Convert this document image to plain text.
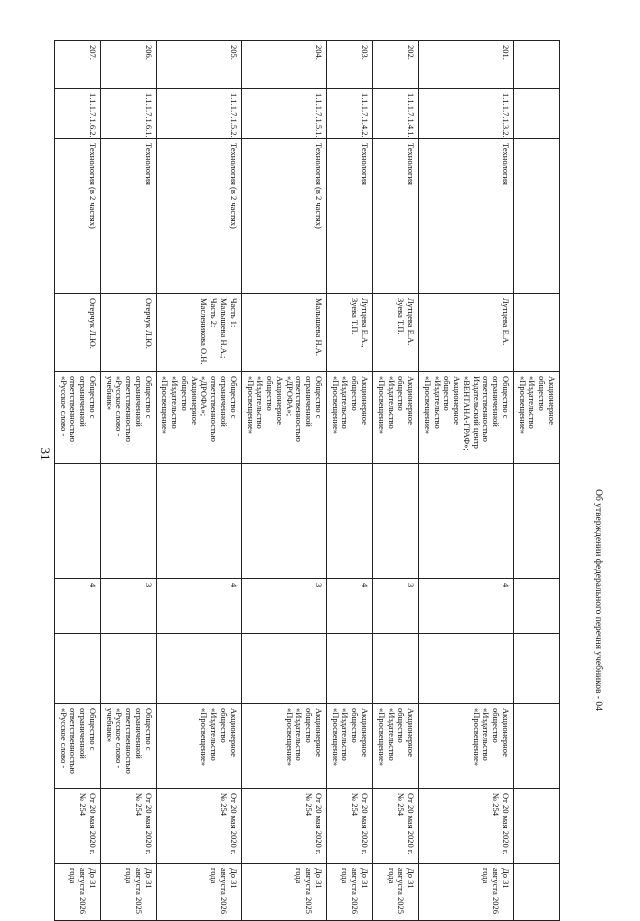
31
Об утверждении федерального перечня учебников - 04
				Акционерное общество «Издательство «Просвещение»						
201.	1.1.1.7.1.3.2.	Технология	Лутцева Е.А.	Общество с ограниченной ответственностью Издательский центр «ВЕНТАНА-ГРАФ»; Акционерное общество «Издательство «Просвещение»		4		Акционерное общество «Издательство «Просвещение»	От 20 мая 2020 г. № 254	До 31 августа 2026 года
202.	1.1.1.7.1.4.1.	Технология	Лутцева Е.А. Зуева Т.П.	Акционерное общество «Издательство «Просвещение»		3		Акционерное общество «Издательство «Просвещение»	От 20 мая 2020 г. № 254	До 31 августа 2025 года
203.	1.1.1.7.1.4.2.	Технология	Лутцева Е.А., Зуева Т.П.	Акционерное общество «Издательство «Просвещение»		4		Акционерное общество «Издательство «Просвещение»	От 20 мая 2020 г. № 254	До 31 августа 2026 года
204.	1.1.1.7.1.5.1.	Технология (в 2 частях)	Малышева Н.А.	Общество с ограниченной ответственностью «ДРОФА»; Акционерное общество «Издательство «Просвещение»		3		Акционерное общество «Издательство «Просвещение»	От 20 мая 2020 г. № 254	До 31 августа 2025 года
205.	1.1.1.7.1.5.2.	Технология (в 2 частях)	Часть 1: Малышева Н.А.; Часть 2: Масленикова О.Н.	Общество с ограниченной ответственностью «ДРОФА»; Акционерное общество «Издательство «Просвещение»		4		Акционерное общество «Издательство «Просвещение»	От 20 мая 2020 г. № 254	До 31 августа 2026 года
206.	1.1.1.7.1.6.1.	Технология	Огерчук Л.Ю.	Общество с ограниченной ответственностью «Русское слово - учебник»		3		Общество с ограниченной ответственностью «Русское слово - учебник»	От 20 мая 2020 г. № 254	До 31 августа 2025 года
207.	1.1.1.7.1.6.2.	Технология (в 2 частях)	Огерчук Л.Ю.	Общество с ограниченной ответственностью «Русское слово -		4		Общество с ограниченной ответственностью «Русское слово -	От 20 мая 2020 г. № 254	До 31 августа 2026 года
